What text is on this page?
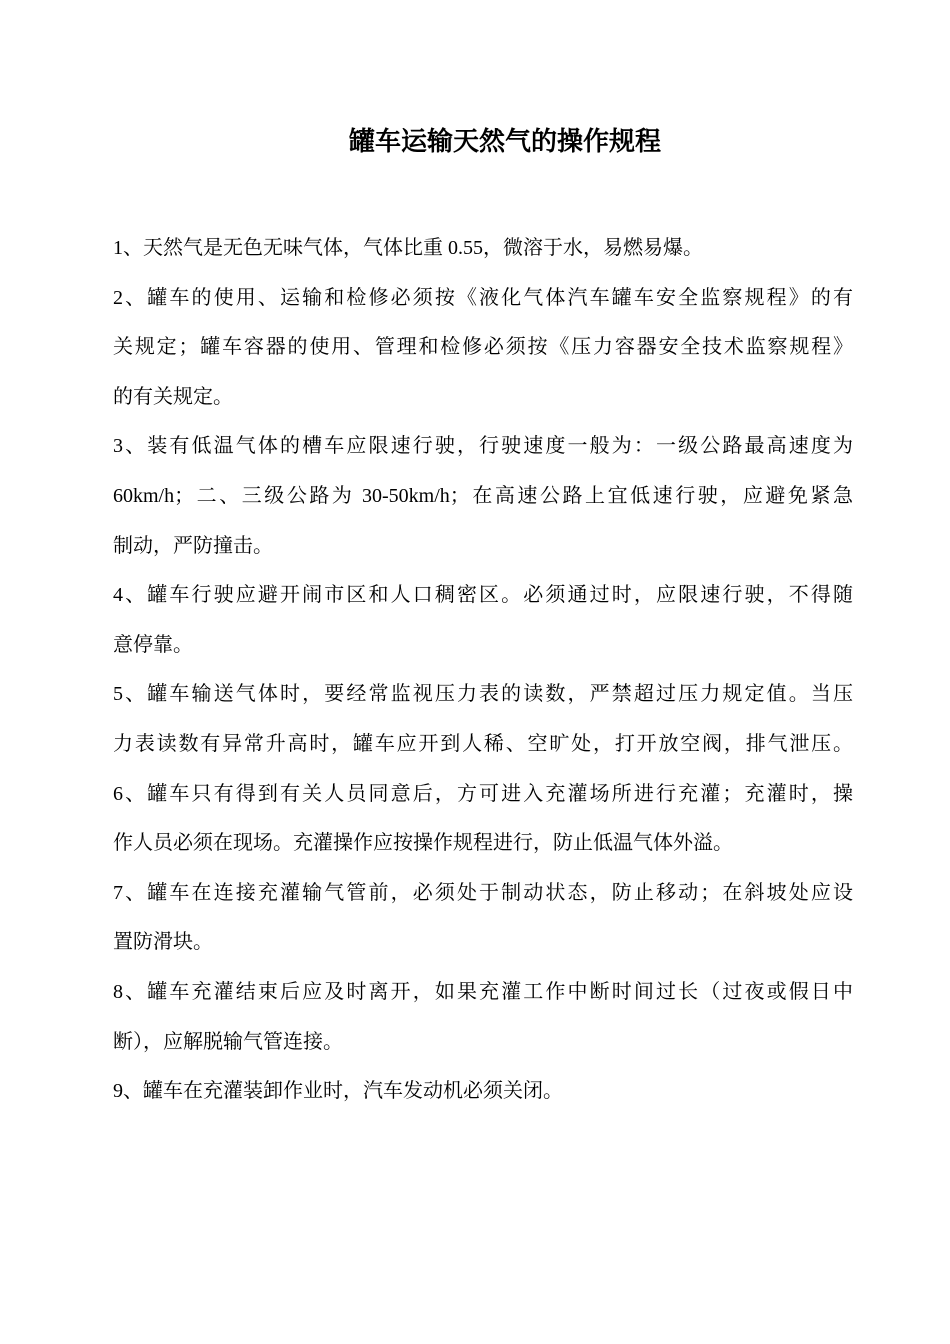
罐车运输天然气的操作规程
1、天然气是无色无味气体，气体比重 0.55，微溶于水，易燃易爆。
2、罐车的使用、运输和检修必须按《液化气体汽车罐车安全监察规程》的有
关规定；罐车容器的使用、管理和检修必须按《压力容器安全技术监察规程》
的有关规定。
3、装有低温气体的槽车应限速行驶，行驶速度一般为：一级公路最高速度为
60km/h；二、三级公路为 30-50km/h；在高速公路上宜低速行驶，应避免紧急
制动，严防撞击。
4、罐车行驶应避开闹市区和人口稠密区。必须通过时，应限速行驶，不得随
意停靠。
5、罐车输送气体时，要经常监视压力表的读数，严禁超过压力规定值。当压
力表读数有异常升高时，罐车应开到人稀、空旷处，打开放空阀，排气泄压。
6、罐车只有得到有关人员同意后，方可进入充灌场所进行充灌；充灌时，操
作人员必须在现场。充灌操作应按操作规程进行，防止低温气体外溢。
7、罐车在连接充灌输气管前，必须处于制动状态，防止移动；在斜坡处应设
置防滑块。
8、罐车充灌结束后应及时离开，如果充灌工作中断时间过长（过夜或假日中
断），应解脱输气管连接。
9、罐车在充灌装卸作业时，汽车发动机必须关闭。
